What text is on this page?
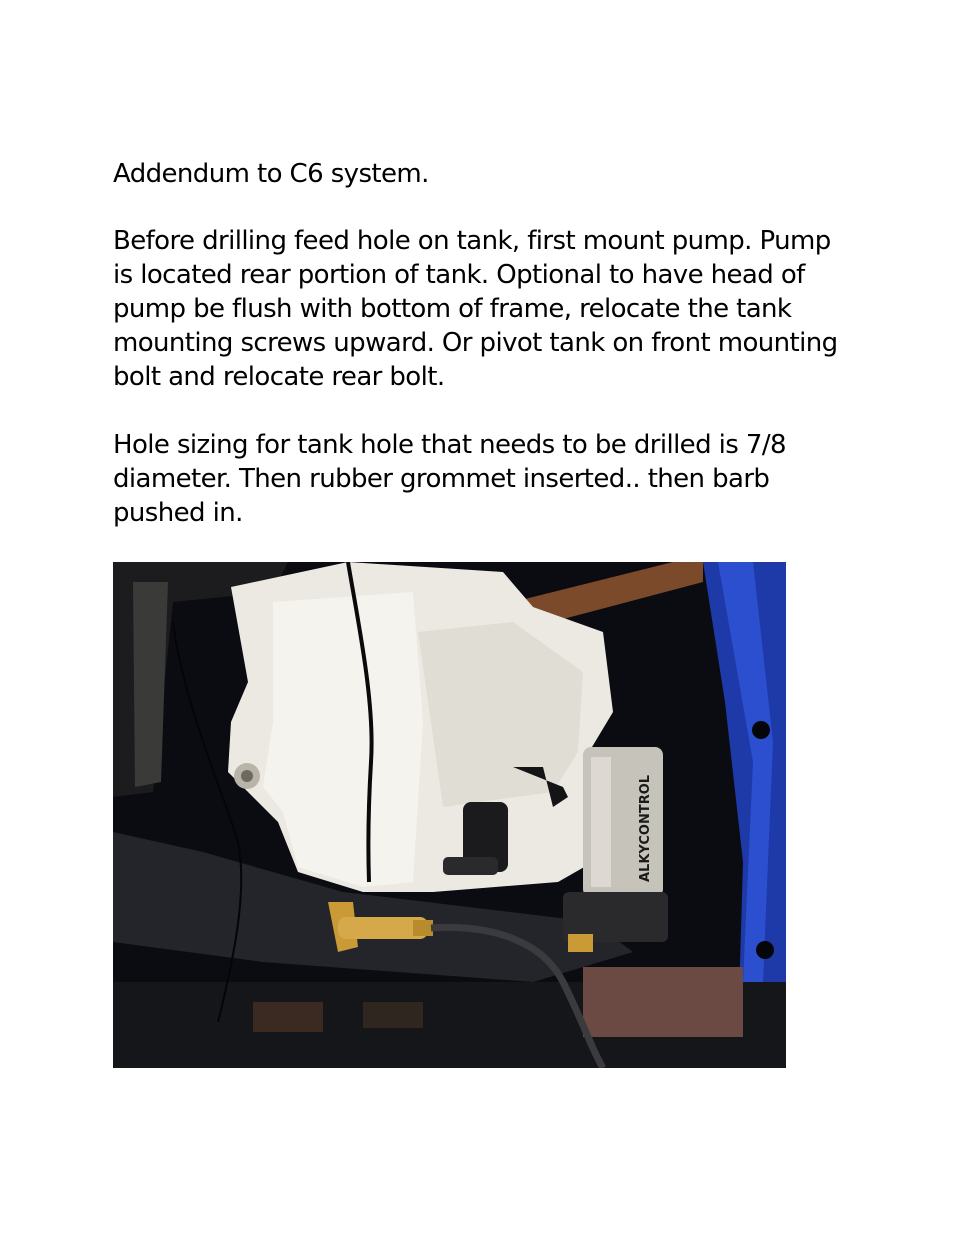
Addendum to C6 system.

Before drilling feed hole on tank, first mount pump. Pump is located rear portion of tank. Optional to have head of pump be flush with bottom of frame, relocate the tank mounting screws upward. Or pivot tank on front mounting bolt and relocate rear bolt.

Hole sizing for tank hole that needs to be drilled is 7/8 diameter. Then rubber grommet inserted.. then barb pushed in.

ALKYCONTROL
